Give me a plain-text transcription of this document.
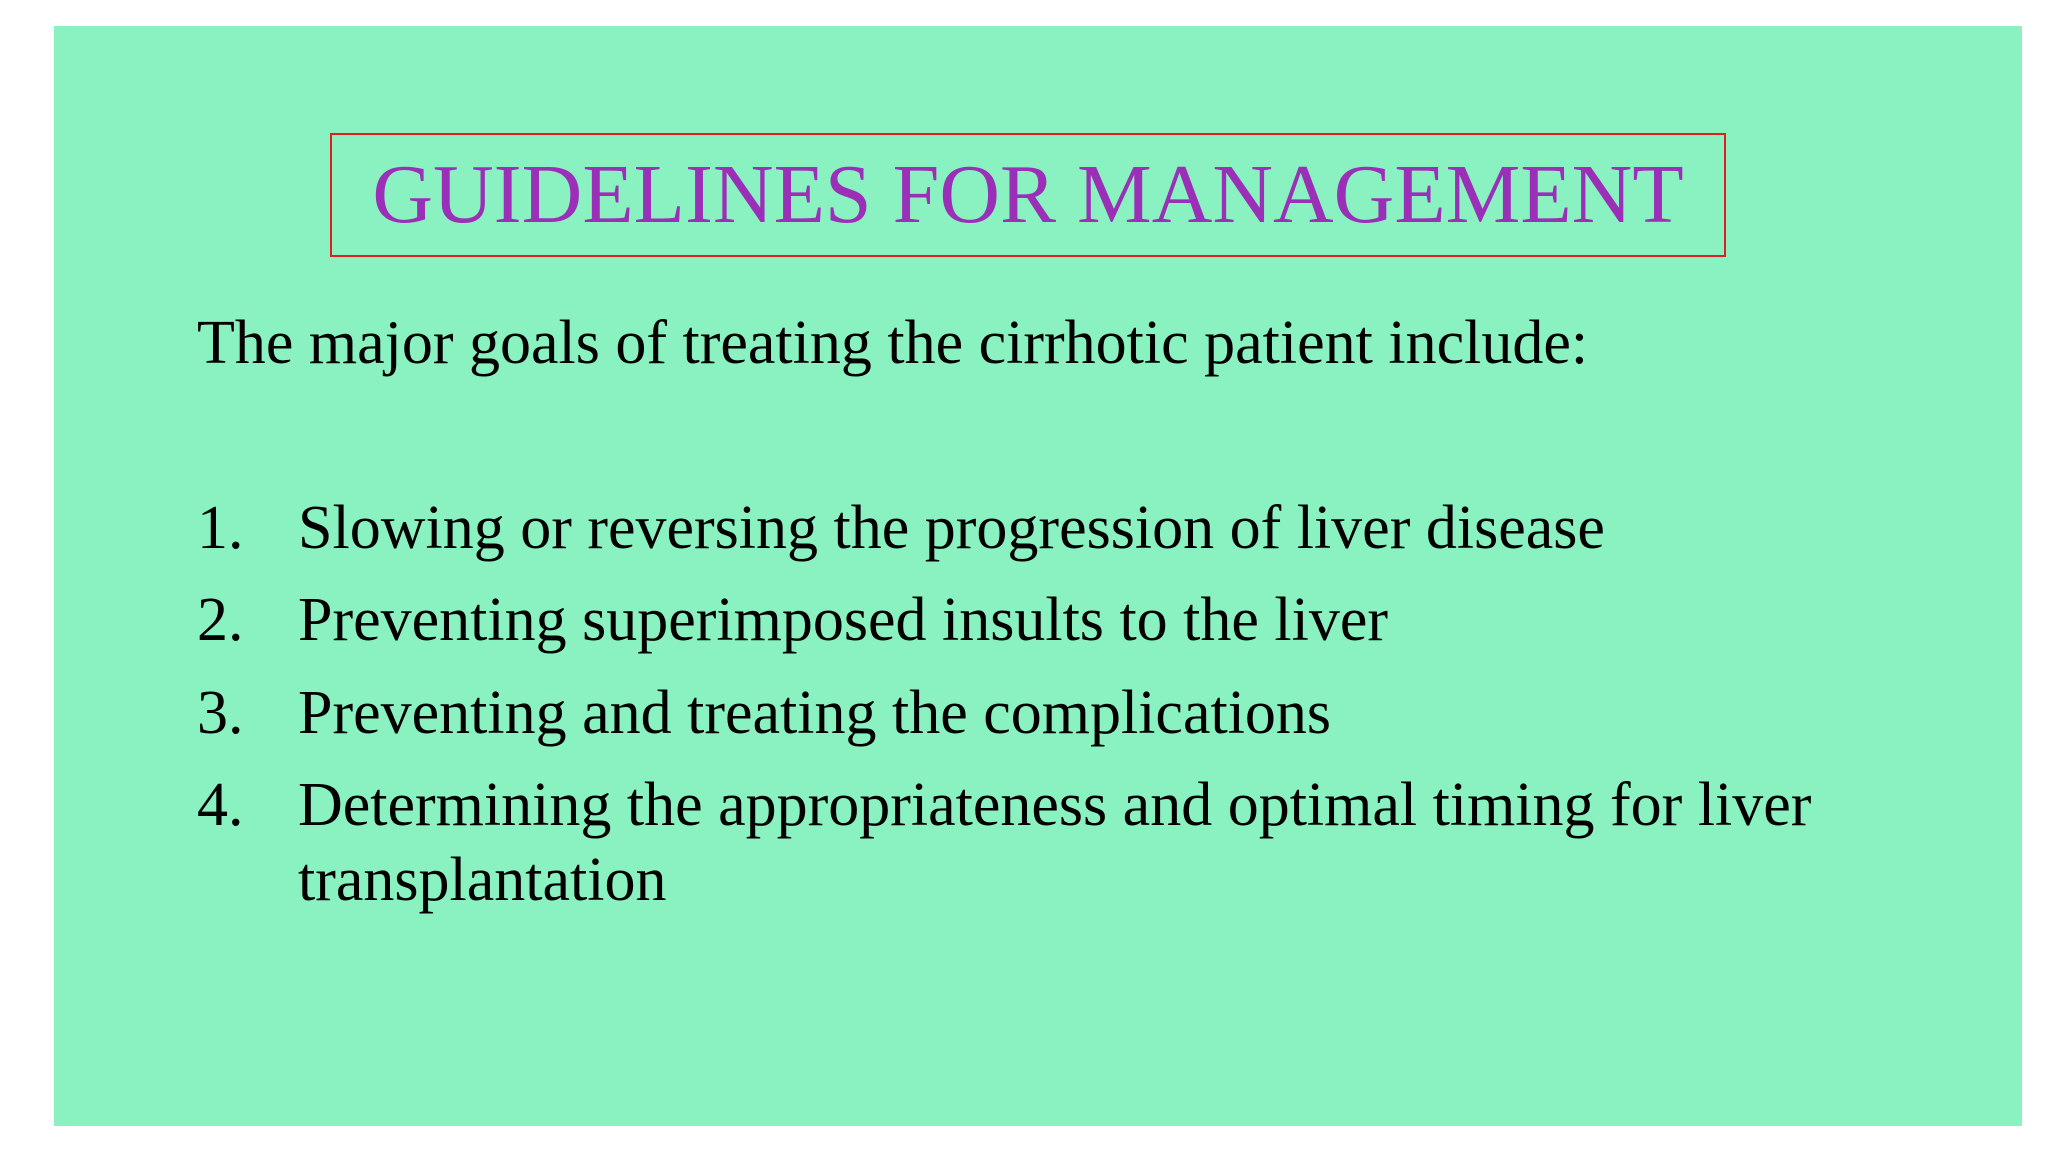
GUIDELINES FOR MANAGEMENT

The major goals of treating the cirrhotic patient include:

1. Slowing or reversing the progression of liver disease
2. Preventing superimposed insults to the liver
3. Preventing and treating the complications
4. Determining the appropriateness and optimal timing for liver  transplantation
